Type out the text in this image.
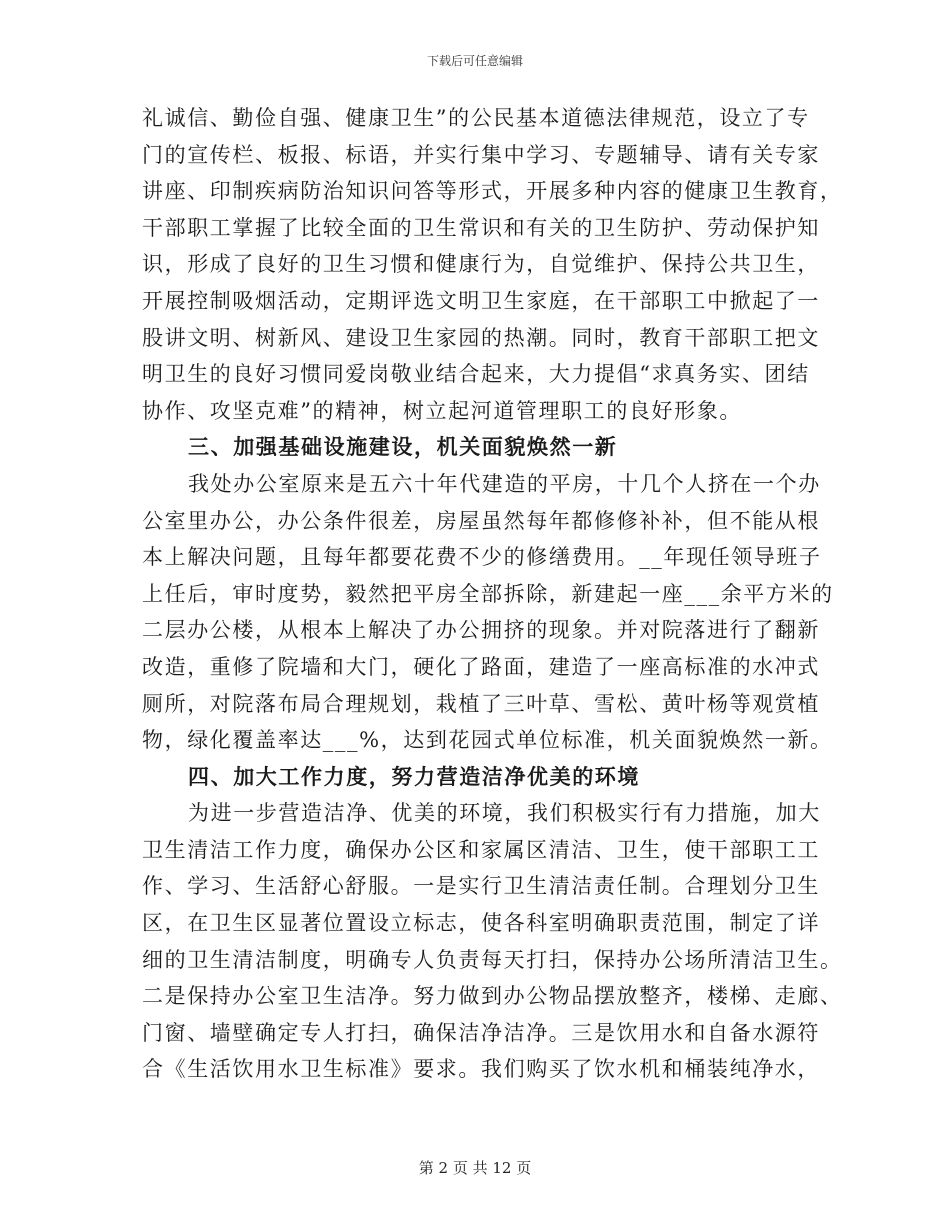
下载后可任意编辑
礼诚信、勤俭自强、健康卫生”的公民基本道德法律规范，设立了专
门的宣传栏、板报、标语，并实行集中学习、专题辅导、请有关专家
讲座、印制疾病防治知识问答等形式，开展多种内容的健康卫生教育，
干部职工掌握了比较全面的卫生常识和有关的卫生防护、劳动保护知
识，形成了良好的卫生习惯和健康行为，自觉维护、保持公共卫生，
开展控制吸烟活动，定期评选文明卫生家庭，在干部职工中掀起了一
股讲文明、树新风、建设卫生家园的热潮。同时，教育干部职工把文
明卫生的良好习惯同爱岗敬业结合起来，大力提倡“求真务实、团结
协作、攻坚克难”的精神，树立起河道管理职工的良好形象。
三、加强基础设施建设，机关面貌焕然一新
我处办公室原来是五六十年代建造的平房，十几个人挤在一个办
公室里办公，办公条件很差，房屋虽然每年都修修补补，但不能从根
本上解决问题，且每年都要花费不少的修缮费用。__年现任领导班子
上任后，审时度势，毅然把平房全部拆除，新建起一座___余平方米的
二层办公楼，从根本上解决了办公拥挤的现象。并对院落进行了翻新
改造，重修了院墙和大门，硬化了路面，建造了一座高标准的水冲式
厕所，对院落布局合理规划，栽植了三叶草、雪松、黄叶杨等观赏植
物，绿化覆盖率达___%，达到花园式单位标准，机关面貌焕然一新。
四、加大工作力度，努力营造洁净优美的环境
为进一步营造洁净、优美的环境，我们积极实行有力措施，加大
卫生清洁工作力度，确保办公区和家属区清洁、卫生，使干部职工工
作、学习、生活舒心舒服。一是实行卫生清洁责任制。合理划分卫生
区，在卫生区显著位置设立标志，使各科室明确职责范围，制定了详
细的卫生清洁制度，明确专人负责每天打扫，保持办公场所清洁卫生。
二是保持办公室卫生洁净。努力做到办公物品摆放整齐，楼梯、走廊、
门窗、墙壁确定专人打扫，确保洁净洁净。三是饮用水和自备水源符
合《生活饮用水卫生标准》要求。我们购买了饮水机和桶装纯净水，
第 2 页 共 12 页
